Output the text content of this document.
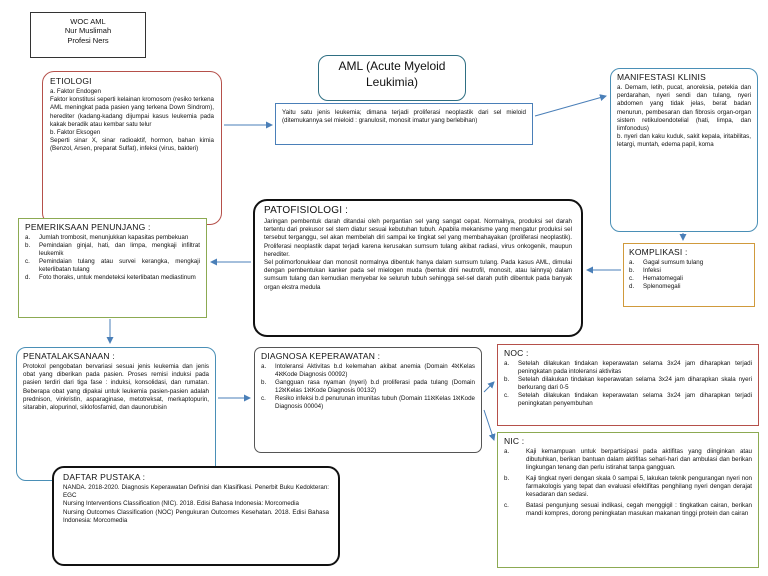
WOC AML
Nur Muslimah
Profesi Ners
ETIOLOGI
a. Faktor Endogen
Faktor konstitusi seperti kelainan kromosom (resiko terkena AML meningkat pada pasien yang terkena Down Sindrom), herediter (kadang-kadang dijumpai kasus leukemia pada kakak beradik atau kembar satu telur
b. Faktor Eksogen
Seperti sinar X, sinar radioaktif, hormon, bahan kimia (Benzol, Arsen, preparat Sulfat), infeksi (virus, bakteri)
AML (Acute Myeloid
Leukimia)
Yaitu satu jenis leukemia; dimana terjadi proliferasi neoplastik dari sel mieloid (ditemukannya sel mieloid : granulosit, monosit imatur yang berlebihan)
MANIFESTASI KLINIS
a. Demam, letih, pucat, anoreksia, petekia dan perdarahan, nyeri sendi dan tulang, nyeri abdomen yang tidak jelas, berat badan menurun, pembesaran dan fibrosis organ-organ sistem retikuloendotelial (hati, limpa, dan limfonodus)
b. nyeri dan kaku kuduk, sakit kepala, iritabilitas, letargi, muntah, edema papil, koma
PATOFISIOLOGI :
Jaringan pembentuk darah ditandai oleh pergantian sel yang sangat cepat. Normalnya, produksi sel darah tertentu dari prekusor sel stem diatur sesuai kebutuhan tubuh. Apabila mekanisme yang mengatur produksi sel tersebut terganggu, sel akan membelah diri sampai ke tingkat sel yang membahayakan (proliferasi neoplastik). Proliferasi neoplastik dapat terjadi karena kerusakan sumsum tulang akibat radiasi, virus onkogenik, maupun herediter.
Sel polimorfonuklear dan monosit normalnya dibentuk hanya dalam sumsum tulang. Pada kasus AML, dimulai dengan pembentukan kanker pada sel mielogen muda (bentuk dini neutrofil, monosit, atau lainnya) dalam sumsum tulang dan kemudian menyebar ke seluruh tubuh sehingga sel-sel darah putih dibentuk pada banyak organ ekstra medula
KOMPLIKASI :
a.	Gagal sumsum tulang
b.	Infeksi
c.	Hematomegali
d.	Splenomegali
PEMERIKSAAN PENUNJANG :
a.	Jumlah trombosit, menunjukkan kapasitas pembekuan
b.	Pemindaian ginjal, hati, dan limpa, mengkaji infiltrat leukemik
c.	Pemindaian tulang atau survei kerangka, mengkaji keterlibatan tulang
d.	Foto thoraks, untuk mendeteksi keterlibatan mediastinum
PENATALAKSANAAN :
Protokol pengobatan bervariasi sesuai jenis leukemia dan jenis obat yang diberikan pada pasien. Proses remisi induksi pada pasien terdiri dari tiga fase : induksi, konsolidasi, dan rumatan. Beberapa obat yang dipakai untuk leukemia pasien-pasien adalah prednison, vinkristin, asparaginase, metotreksat, merkaptopurin, sitarabin, alopurinol, siklofosfamid, dan daunorubisin
DIAGNOSA KEPERAWATAN :
a.	Intoleransi Aktivitas b.d kelemahan akibat anemia (Domain 4ℵKelas 4ℵKode Diagnosis 00092)
b.	Gangguan rasa nyaman (nyeri) b.d proliferasi pada tulang (Domain 12ℵKelas 1ℵKode Diagnosis 00132)
c.	Resiko infeksi b.d penurunan imunitas tubuh (Domain 11ℵKelas 1ℵKode Diagnosis 00004)
NOC :
a.	Setelah dilakukan tindakan keperawatan selama 3x24 jam diharapkan terjadi peningkatan pada intoleransi aktivitas
b.	Setelah dilakukan tindakan keperawatan selama 3x24 jam diharapkan skala nyeri berkurang dari 0-5
c.	Setelah dilakukan tindakan keperawatan selama 3x24 jam diharapkan terjadi peningkatan penyembuhan
NIC :
a.	Kaji kemampuan untuk berpartisipasi pada aktifitas yang diinginkan atau dibutuhkan, berikan bantuan dalam aktifitas sehari-hari dan ambulasi dan berikan lingkungan tenang dan perlu istirahat tanpa gangguan.
b.	Kaji tingkat nyeri dengan skala 0 sampai 5, lakukan teknik pengurangan nyeri non farmakologis yang tepat dan evaluasi efektifitas penghilang nyeri dengan derajat kesadaran dan sedasi.
c.	Batasi pengunjung sesuai indikasi, cegah menggigil : tingkatkan cairan, berikan mandi kompres, dorong peningkatan masukan makanan tinggi protein dan cairan
DAFTAR PUSTAKA :
NANDA. 2018-2020. Diagnosis Keperawatan Definisi dan Klasifikasi. Penerbit Buku Kedokteran: EGC
Nursing Interventions Classification (NIC). 2018. Edisi Bahasa Indonesia: Morcomedia
Nursing Outcomes Classification (NOC) Pengukuran Outcomes Kesehatan. 2018. Edisi Bahasa Indonesia: Morcomedia
